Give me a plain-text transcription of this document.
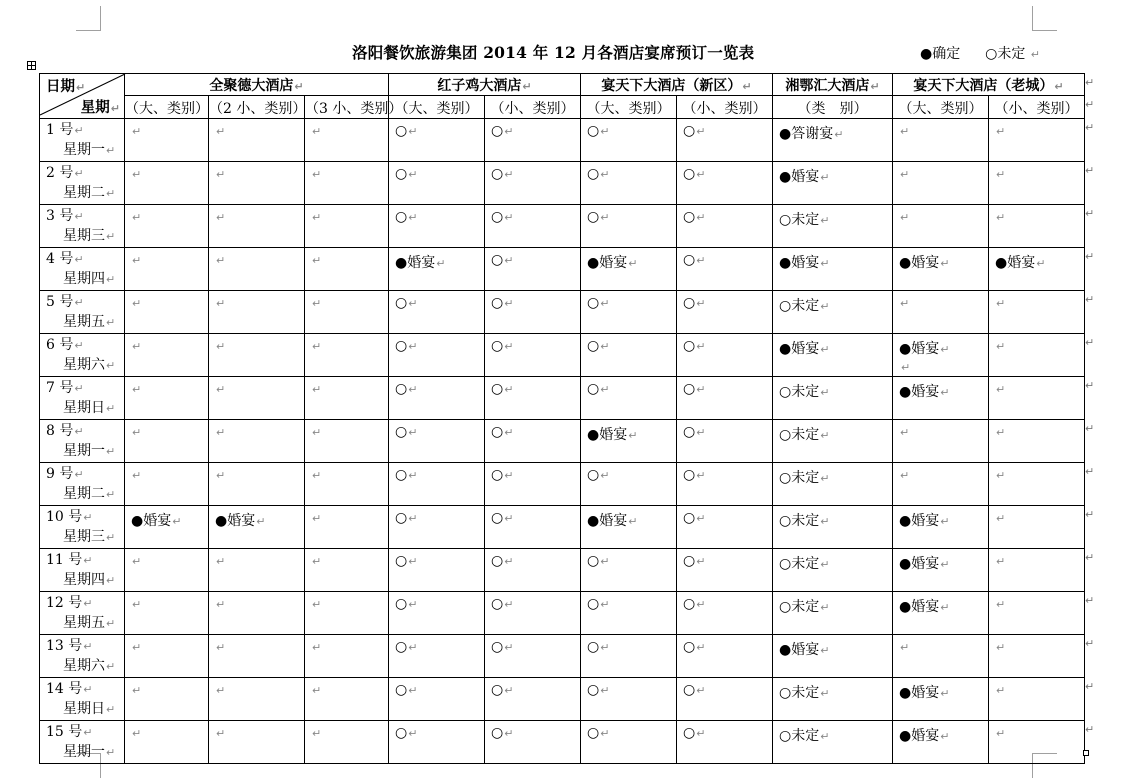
洛阳餐饮旅游集团 2014 年 12 月各酒店宴席预订一览表	●确定 ○未定 ↵
日期↵
星期↵	全聚德大酒店↵			红子鸡大酒店↵		宴天下大酒店（新区）↵		湘鄂汇大酒店↵	宴天下大酒店（老城）↵	
	（大、类别）	（2 小、类别）	（3 小、类别）	（大、类别）	（小、类别）	（大、类别）	（小、类别）	（类　别）	（大、类别）	（小、类别）

1 号↵
星期一↵	↵	↵	↵	○↵	○↵	○↵	○↵	●答谢宴↵	↵	↵

2 号↵
星期二↵	↵	↵	↵	○↵	○↵	○↵	○↵	●婚宴↵	↵	↵

3 号↵
星期三↵	↵	↵	↵	○↵	○↵	○↵	○↵	○未定↵	↵	↵

4 号↵
星期四↵	↵	↵	↵	●婚宴↵	○↵	●婚宴↵	○↵	●婚宴↵	●婚宴↵	●婚宴↵

5 号↵
星期五↵	↵	↵	↵	○↵	○↵	○↵	○↵	○未定↵	↵	↵

6 号↵
星期六↵	↵	↵	↵	○↵	○↵	○↵	○↵	●婚宴↵	●婚宴↵
↵	↵

7 号↵
星期日↵	↵	↵	↵	○↵	○↵	○↵	○↵	○未定↵	●婚宴↵	↵

8 号↵
星期一↵	↵	↵	↵	○↵	○↵	●婚宴↵	○↵	○未定↵	↵	↵

9 号↵
星期二↵	↵	↵	↵	○↵	○↵	○↵	○↵	○未定↵	↵	↵

10 号↵
星期三↵	●婚宴↵	●婚宴↵	↵	○↵	○↵	●婚宴↵	○↵	○未定↵	●婚宴↵	↵

11 号↵
星期四↵	↵	↵	↵	○↵	○↵	○↵	○↵	○未定↵	●婚宴↵	↵

12 号↵
星期五↵	↵	↵	↵	○↵	○↵	○↵	○↵	○未定↵	●婚宴↵	↵

13 号↵
星期六↵	↵	↵	↵	○↵	○↵	○↵	○↵	●婚宴↵	↵	↵

14 号↵
星期日↵	↵	↵	↵	○↵	○↵	○↵	○↵	○未定↵	●婚宴↵	↵

15 号↵
星期一↵	↵	↵	↵	○↵	○↵	○↵	○↵	○未定↵	●婚宴↵	↵
↵
↵
↵
↵
↵
↵
↵
↵
↵
↵
↵
↵
↵
↵
↵
↵
↵
